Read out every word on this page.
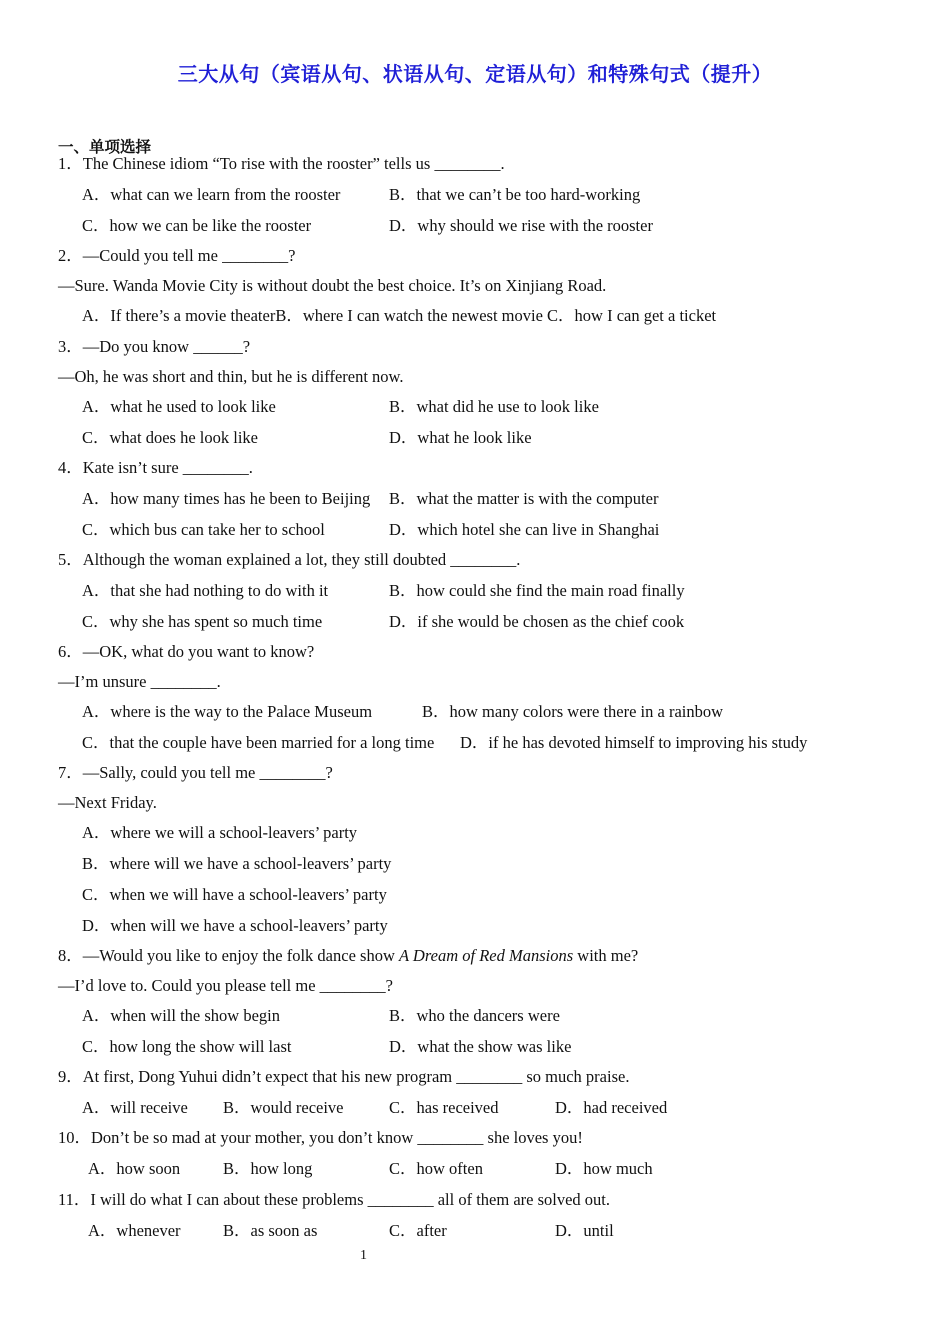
三大从句（宾语从句、状语从句、定语从句）和特殊句式（提升）
一、单项选择
1．The Chinese idiom “To rise with the rooster” tells us ________.
A．what can we learn from the rooster	B．that we can’t be too hard-working
C．how we can be like the rooster	D．why should we rise with the rooster
2．—Could you tell me ________?
—Sure. Wanda Movie City is without doubt the best choice. It’s on Xinjiang Road.
A．If there’s a movie theaterB．where I can watch the newest movie C．how I can get a ticket
3．—Do you know ______?
—Oh, he was short and thin, but he is different now.
A．what he used to look like	B．what did he use to look like
C．what does he look like	D．what he look like
4．Kate isn’t sure ________.
A．how many times has he been to Beijing B．what the matter is with the computer
C．which bus can take her to school	D．which hotel she can live in Shanghai
5．Although the woman explained a lot, they still doubted ________.
A．that she had nothing to do with it	B．how could she find the main road finally
C．why she has spent so much time	D．if she would be chosen as the chief cook
6．—OK, what do you want to know?
—I’m unsure ________.
A．where is the way to the Palace Museum	B．how many colors were there in a rainbow
C．that the couple have been married for a long time D．if he has devoted himself to improving his study
7．—Sally, could you tell me ________?
—Next Friday.
A．where we will a school-leavers’ party
B．where will we have a school-leavers’ party
C．when we will have a school-leavers’ party
D．when will we have a school-leavers’ party
8．—Would you like to enjoy the folk dance show A Dream of Red Mansions with me?
—I’d love to. Could you please tell me ________?
A．when will the show begin	B．who the dancers were
C．how long the show will last	D．what the show was like
9．At first, Dong Yuhui didn’t expect that his new program ________ so much praise.
A．will receive B．would receive	C．has received	D．had received
10．Don’t be so mad at your mother, you don’t know ________ she loves you!
A．how soon	B．how long	C．how often	D．how much
11．I will do what I can about these problems ________ all of them are solved out.
A．whenever	B．as soon as	C．after	D．until
1
